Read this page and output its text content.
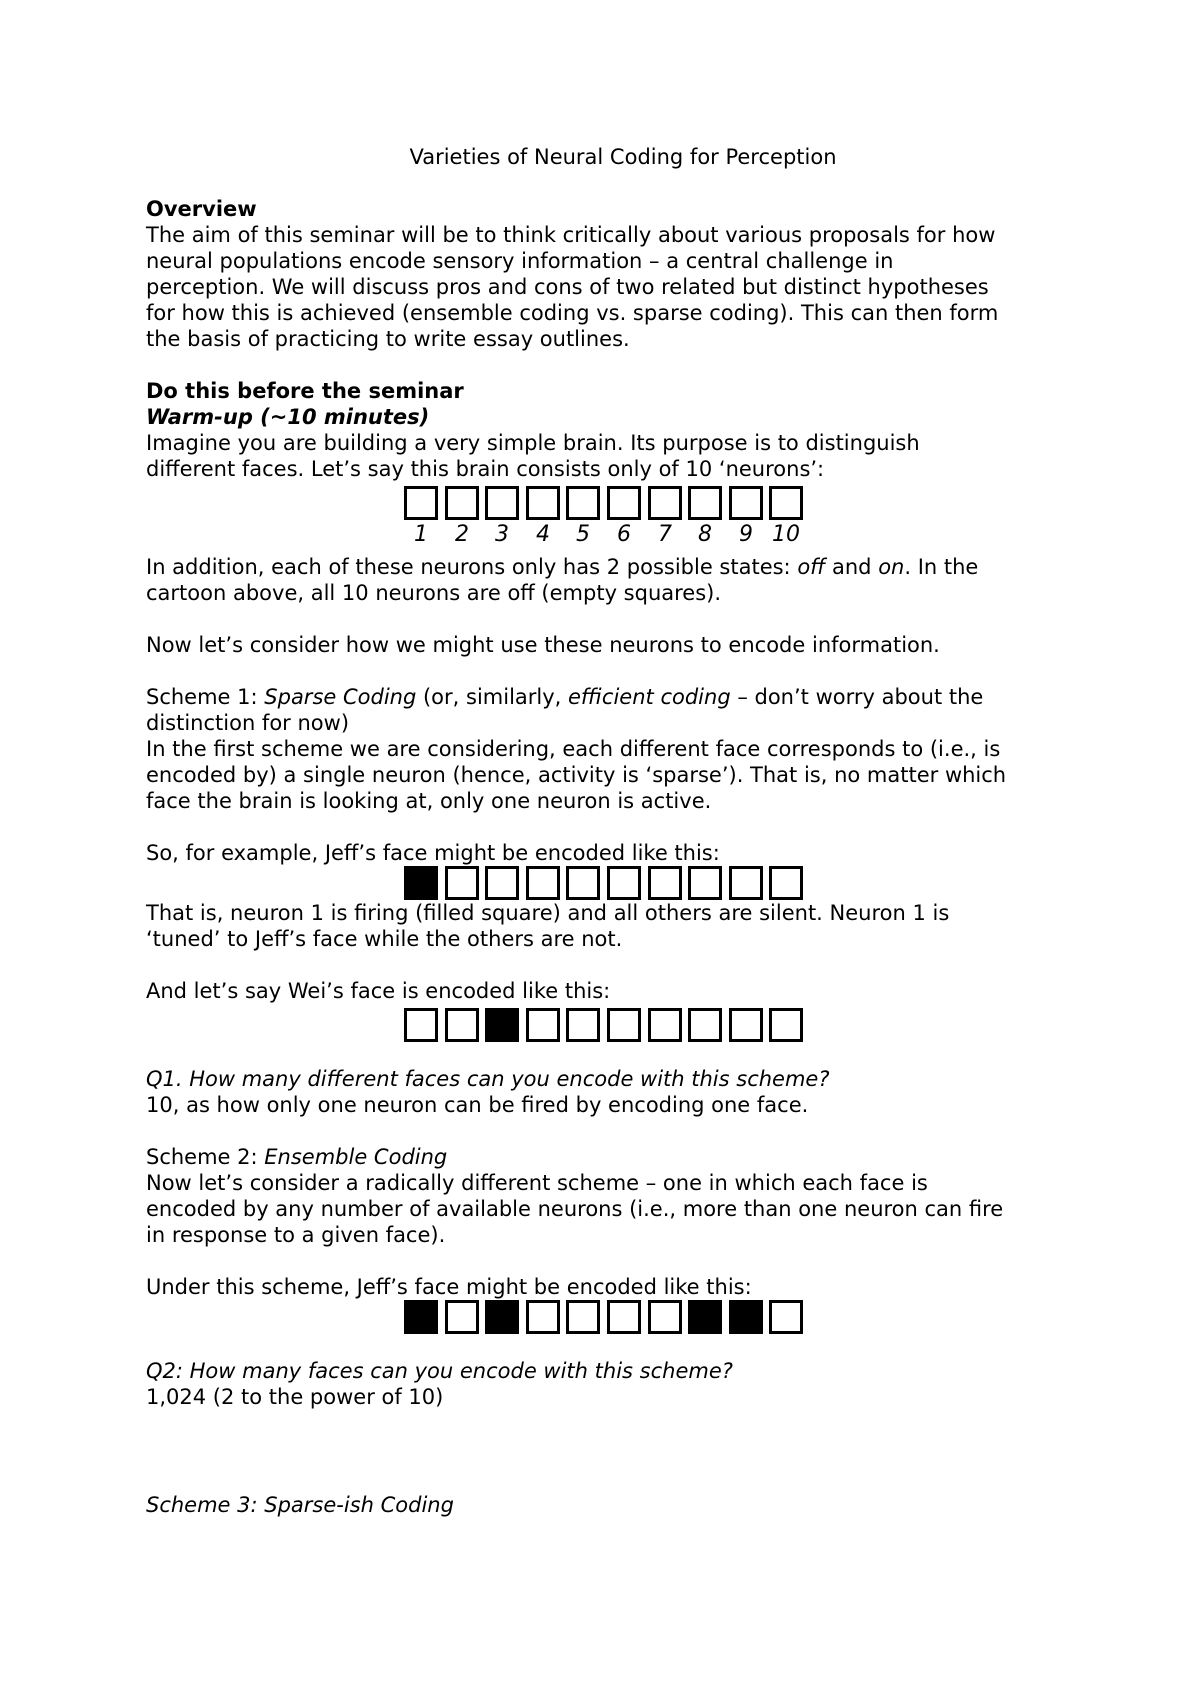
Varieties of Neural Coding for Perception

Overview

The aim of this seminar will be to think critically about various proposals for how

neural populations encode sensory information – a central challenge in

perception. We will discuss pros and cons of two related but distinct hypotheses

for how this is achieved (ensemble coding vs. sparse coding). This can then form

the basis of practicing to write essay outlines.

Do this before the seminar

Warm-up (~10 minutes)

Imagine you are building a very simple brain. Its purpose is to distinguish

different faces. Let’s say this brain consists only of 10 ‘neurons’:

1	2	3	4	5	6	7	8	9 10

In addition, each of these neurons only has 2 possible states: off and on. In the

cartoon above, all 10 neurons are off (empty squares).

Now let’s consider how we might use these neurons to encode information.

Scheme 1: Sparse Coding (or, similarly, efficient coding – don’t worry about the

distinction for now)

In the first scheme we are considering, each different face corresponds to (i.e., is

encoded by) a single neuron (hence, activity is ‘sparse’). That is, no matter which

face the brain is looking at, only one neuron is active.

So, for example, Jeff’s face might be encoded like this:

That is, neuron 1 is firing (filled square) and all others are silent. Neuron 1 is

‘tuned’ to Jeff’s face while the others are not.

And let’s say Wei’s face is encoded like this:

Q1. How many different faces can you encode with this scheme?

10, as how only one neuron can be fired by encoding one face.

Scheme 2: Ensemble Coding

Now let’s consider a radically different scheme – one in which each face is

encoded by any number of available neurons (i.e., more than one neuron can fire

in response to a given face).

Under this scheme, Jeff’s face might be encoded like this:

Q2: How many faces can you encode with this scheme?

1,024 (2 to the power of 10)

Scheme 3: Sparse-ish Coding
